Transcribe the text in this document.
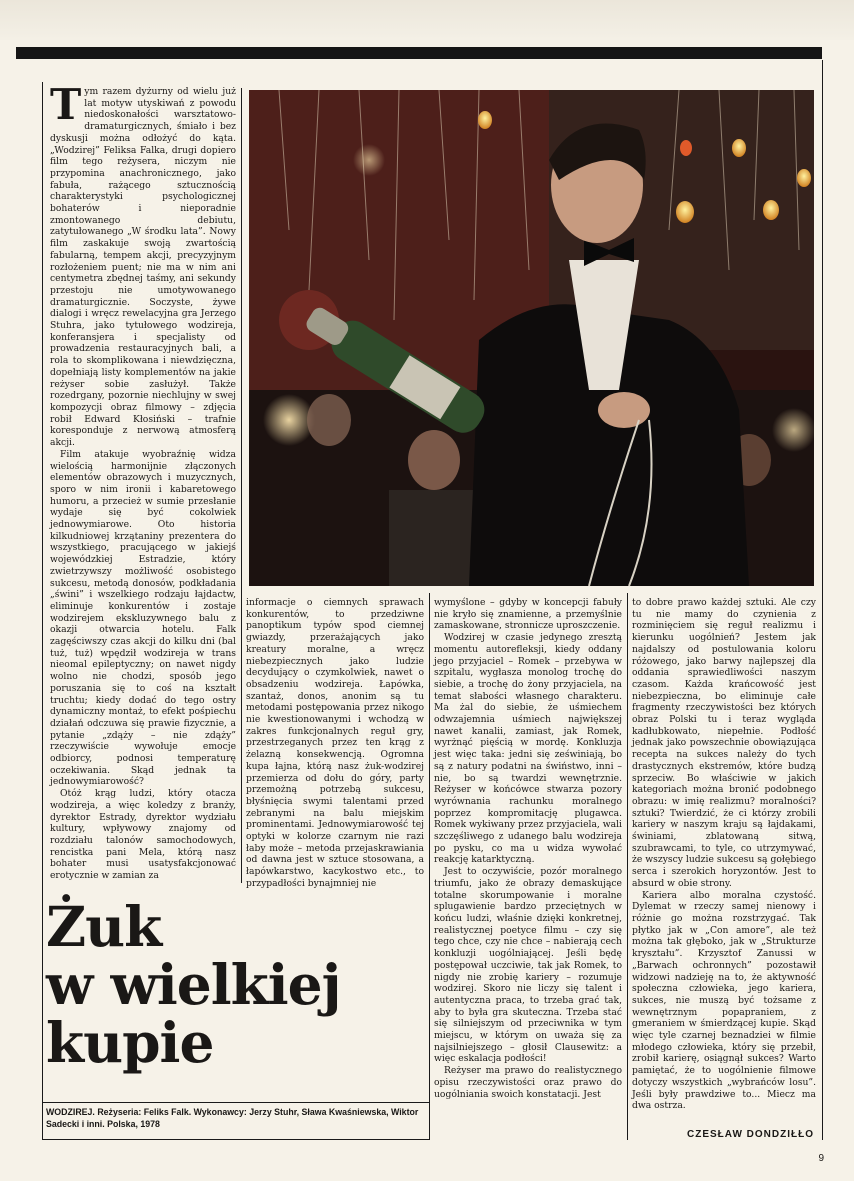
Tym razem dyżurny od wielu już lat motyw utyskiwań z powodu niedoskonałości warsztatowo-dramaturgicznych, śmiało i bez dyskusji można odłożyć do kąta. „Wodzirej” Feliksa Falka, drugi dopiero film tego reżysera, niczym nie przypomina anachronicznego, jako fabuła, rażącego sztucznością charakterystyki psychologicznej bohaterów i nieporadnie zmontowanego debiutu, zatytułowanego „W środku lata”. Nowy film zaskakuje swoją zwartością fabularną, tempem akcji, precyzyjnym rozłożeniem puent; nie ma w nim ani centymetra zbędnej taśmy, ani sekundy przestoju nie umotywowanego dramaturgicznie. Soczyste, żywe dialogi i wręcz rewelacyjna gra Jerzego Stuhra, jako tytułowego wodzireja, konferansjera i specjalisty od prowadzenia restauracyjnych bali, a rola to skomplikowana i niewdzięczna, dopełniają listy komplementów na jakie reżyser sobie zasłużył. Także rozedrgany, pozornie niechlujny w swej kompozycji obraz filmowy – zdjęcia robił Edward Kłosiński – trafnie koresponduje z nerwową atmosferą akcji.

Film atakuje wyobraźnię widza wielością harmonijnie złączonych elementów obrazowych i muzycznych, sporo w nim ironii i kabaretowego humoru, a przecież w sumie przesłanie wydaje się być cokolwiek jednowymiarowe. Oto historia kilkudniowej krzątaniny prezentera do wszystkiego, pracującego w jakiejś wojewódzkiej Estradzie, który zwietrzywszy możliwość osobistego sukcesu, metodą donosów, podkładania „świni” i wszelkiego rodzaju łajdactw, eliminuje konkurentów i zostaje wodzirejem ekskluzywnego balu z okazji otwarcia hotelu. Falk zagęściwszy czas akcji do kilku dni (bal tuż, tuż) wpędził wodzireja w trans nieomal epileptyczny; on nawet nigdy wolno nie chodzi, sposób jego poruszania się to coś na kształt truchtu; kiedy dodać do tego ostry dynamiczny montaż, to efekt pośpiechu działań odczuwa się prawie fizycznie, a pytanie „zdąży – nie zdąży” rzeczywiście wywołuje emocje odbiorcy, podnosi temperaturę oczekiwania. Skąd jednak ta jednowymiarowość?

Otóż krąg ludzi, który otacza wodzireja, a więc koledzy z branży, dyrektor Estrady, dyrektor wydziału kultury, wpływowy znajomy od rozdziału talonów samochodowych, rencistka pani Mela, którą nasz bohater musi usatysfakcjonować erotycznie w zamian za

informacje o ciemnych sprawach konkurentów, to przedziwne panoptikum typów spod ciemnej gwiazdy, przerażających jako kreatury moralne, a wręcz niebezpiecznych jako ludzie decydujący o czymkolwiek, nawet o obsadzeniu wodzireja. Łapówka, szantaż, donos, anonim są tu metodami postępowania przez nikogo nie kwestionowanymi i wchodzą w zakres funkcjonalnych reguł gry, przestrzeganych przez ten krąg z żelazną konsekwencją. Ogromna kupa łajna, którą nasz żuk-wodzirej przemierza od dołu do góry, party przemożną potrzebą sukcesu, błyśnięcia swymi talentami przed zebranymi na balu miejskim prominentami. Jednowymiarowość tej optyki w kolorze czarnym nie razi łaby może – metoda przejaskrawiania od dawna jest w sztuce stosowana, a łapówkarstwo, kacykostwo etc., to przypadłości bynajmniej nie

wymyślone – gdyby w koncepcji fabuły nie kryło się znamienne, a przemyślnie zamaskowane, stronnicze uproszczenie.

Wodzirej w czasie jedynego zresztą momentu autorefleksji, kiedy oddany jego przyjaciel – Romek – przebywa w szpitalu, wygłasza monolog trochę do siebie, a trochę do żony przyjaciela, na temat słabości własnego charakteru. Ma żal do siebie, że uśmiechem odwzajemnia uśmiech największej nawet kanalii, zamiast, jak Romek, wyrżnąć pięścią w mordę. Konkluzja jest więc taka: jedni się zeświniają, bo są z natury podatni na świństwo, inni – nie, bo są twardzi wewnętrznie. Reżyser w końcówce stwarza pozory wyrównania rachunku moralnego poprzez kompromitację plugawca. Romek wykiwany przez przyjaciela, wali szczęśliwego z udanego balu wodzireja po pysku, co ma u widza wywołać reakcję katarktyczną.

Jest to oczywiście, pozór moralnego triumfu, jako że obrazy demaskujące totalne skorumpowanie i moralne splugawienie bardzo przeciętnych w końcu ludzi, właśnie dzięki konkretnej, realistycznej poetyce filmu – czy się tego chce, czy nie chce – nabierają cech konkluzji uogólniającej. Jeśli będę postępował uczciwie, tak jak Romek, to nigdy nie zrobię kariery – rozumuje wodzirej. Skoro nie liczy się talent i autentyczna praca, to trzeba grać tak, aby to była gra skuteczna. Trzeba stać się silniejszym od przeciwnika w tym miejscu, w którym on uważa się za najsilniejszego – głosił Clausewitz: a więc eskalacja podłości!

Reżyser ma prawo do realistycznego opisu rzeczywistości oraz prawo do uogólniania swoich konstatacji. Jest

to dobre prawo każdej sztuki. Ale czy tu nie mamy do czynienia z rozminięciem się reguł realizmu i kierunku uogólnień? Jestem jak najdalszy od postulowania koloru różowego, jako barwy najlepszej dla oddania sprawiedliwości naszym czasom. Każda krańcowość jest niebezpieczna, bo eliminuje całe fragmenty rzeczywistości bez których obraz Polski tu i teraz wygląda kadłubkowato, niepełnie. Podłość jednak jako powszechnie obowiązująca recepta na sukces należy do tych drastycznych ekstremów, które budzą sprzeciw. Bo właściwie w jakich kategoriach można bronić podobnego obrazu: w imię realizmu? moralności? sztuki? Twierdzić, że ci którzy zrobili kariery w naszym kraju są łajdakami, świniami, zblatowaną sitwą, szubrawcami, to tyle, co utrzymywać, że wszyscy ludzie sukcesu są gołębiego serca i szerokich horyzontów. Jest to absurd w obie strony.

Kariera albo moralna czystość. Dylemat w rzeczy samej nienowy i różnie go można rozstrzygać. Tak płytko jak w „Con amore”, ale też można tak głęboko, jak w „Strukturze kryształu”. Krzysztof Zanussi w „Barwach ochronnych” pozostawił widzowi nadzieję na to, że aktywność społeczna człowieka, jego kariera, sukces, nie muszą być tożsame z wewnętrznym popapraniem, z gmeraniem w śmierdzącej kupie. Skąd więc tyle czarnej beznadziei w filmie młodego człowieka, który się przebił, zrobił karierę, osiągnął sukces? Warto pamiętać, że to uogólnienie filmowe dotyczy wszystkich „wybrańców losu”. Jeśli były prawdziwe to... Miecz ma dwa ostrza.

Żuk
w wielkiej
kupie
WODZIREJ. Reżyseria: Feliks Falk. Wykonawcy: Jerzy Stuhr, Sława Kwaśniewska, Wiktor Sadecki i inni. Polska, 1978
CZESŁAW DONDZIŁŁO
9
